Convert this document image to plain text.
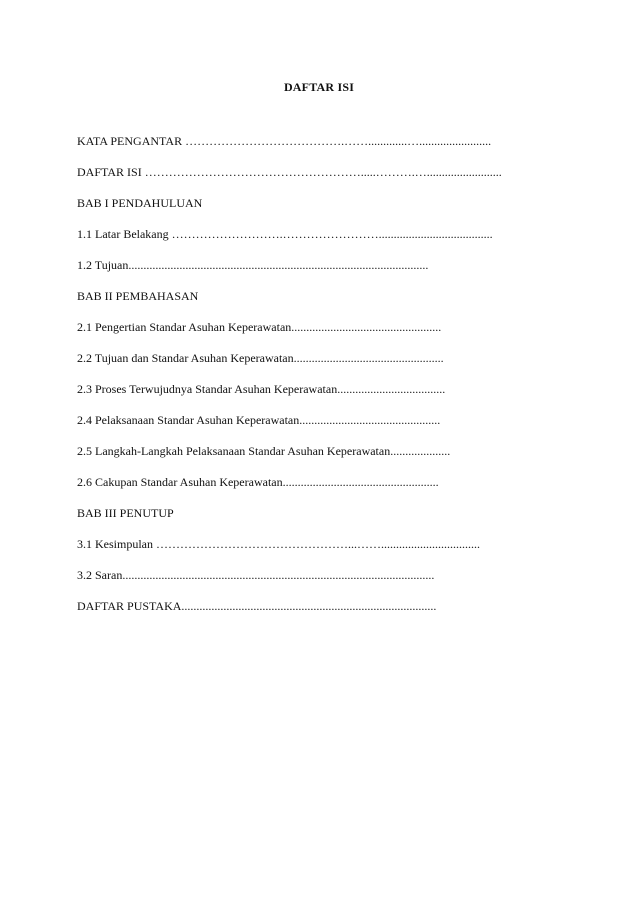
DAFTAR ISI

KATA PENGANTAR ………………………………….…….............…........................

DAFTAR ISI ……………………………………………….....……….….........................

BAB I PENDAHULUAN

1.1 Latar Belakang ……………………….……………………......................................

1.2 Tujuan....................................................................................................

BAB II PEMBAHASAN

2.1 Pengertian Standar Asuhan Keperawatan..................................................

2.2 Tujuan dan Standar Asuhan Keperawatan..................................................

2.3 Proses Terwujudnya Standar Asuhan Keperawatan....................................

2.4 Pelaksanaan Standar Asuhan Keperawatan...............................................

2.5 Langkah-Langkah Pelaksanaan Standar Asuhan Keperawatan....................

2.6 Cakupan Standar Asuhan Keperawatan....................................................

BAB III PENUTUP

3.1 Kesimpulan …………………………………………...…….................................

3.2 Saran........................................................................................................

DAFTAR PUSTAKA.....................................................................................
